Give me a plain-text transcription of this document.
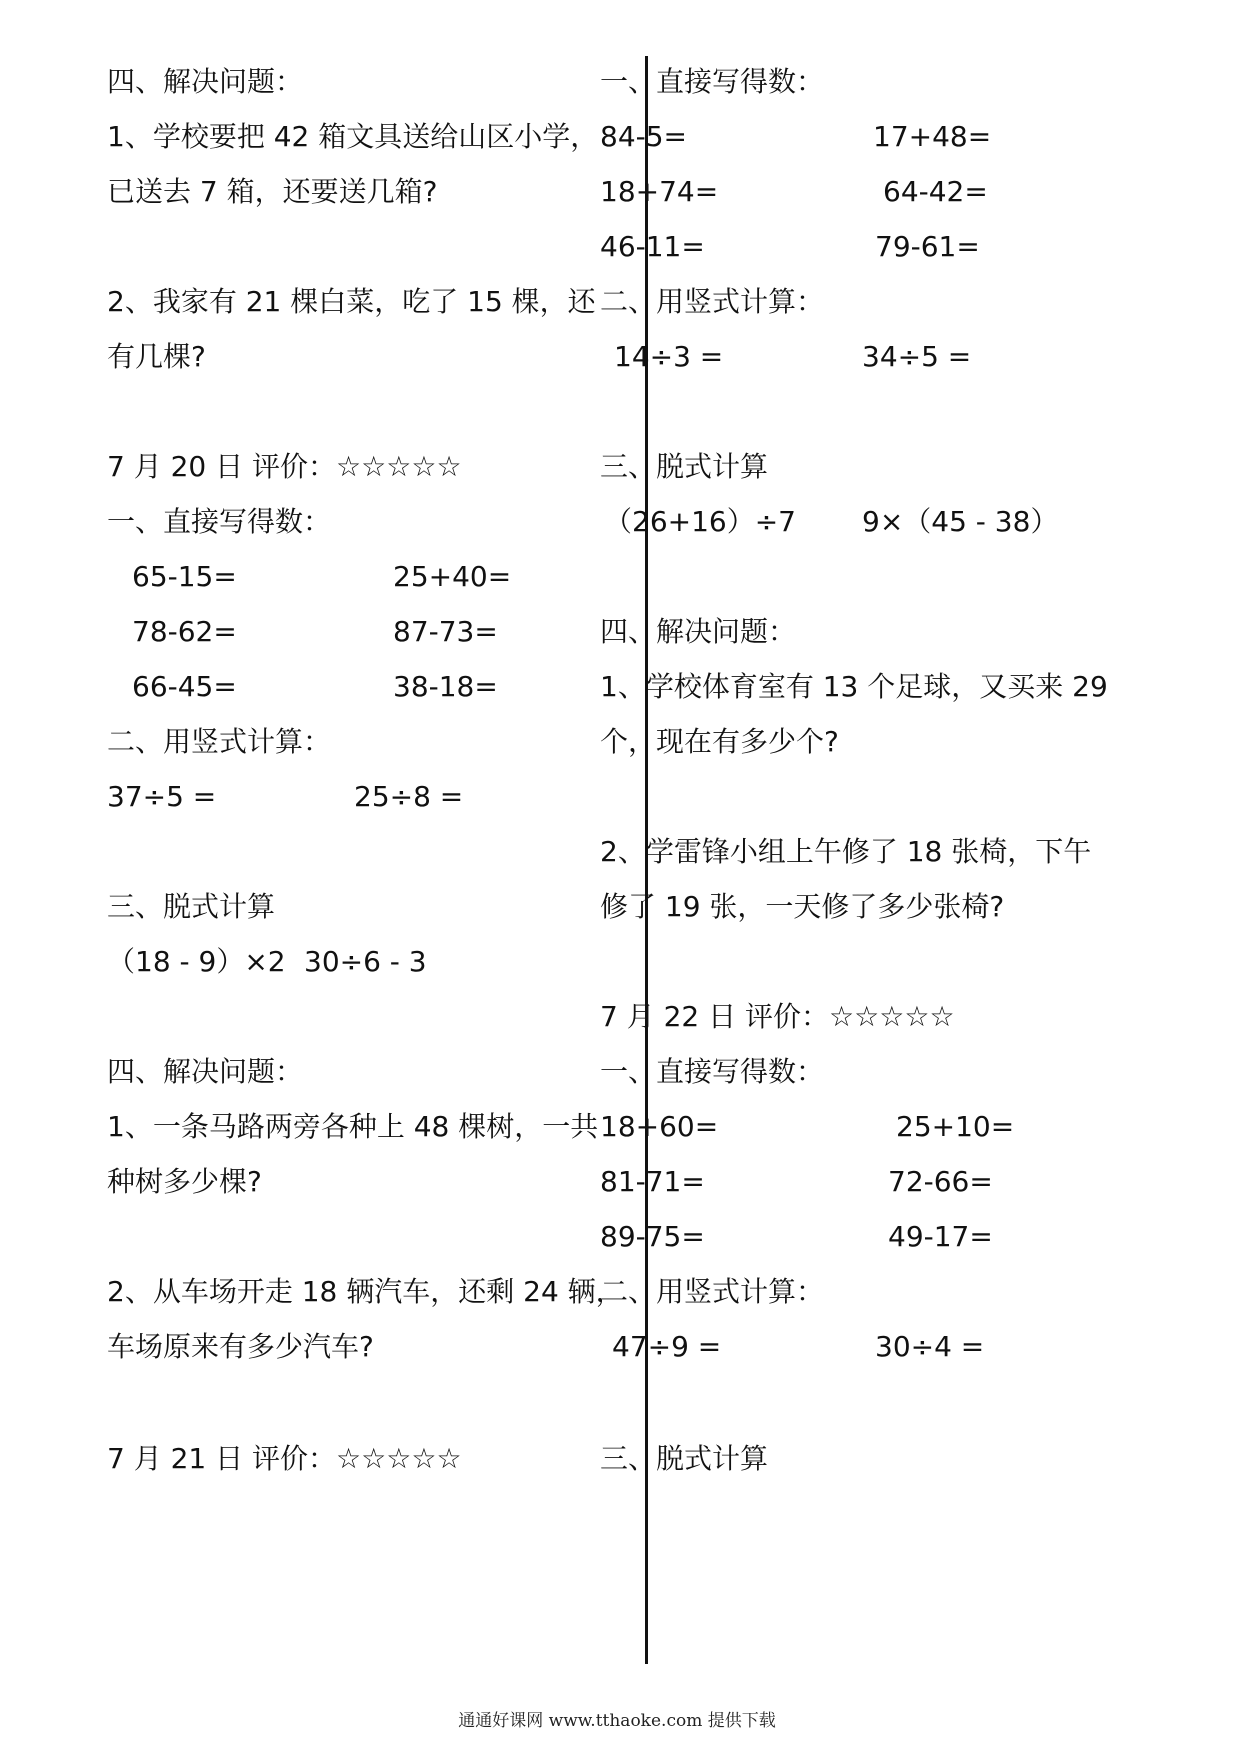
四、解决问题：
1、学校要把 42 箱文具送给山区小学，
已送去 7 箱，还要送几箱?
2、我家有 21 棵白菜，吃了 15 棵，还
有几棵?
7 月 20 日 评价：☆☆☆☆☆
一、直接写得数：
65-15=	25+40=
78-62=	87-73=
66-45=	38-18=
二、用竖式计算：
37÷5 =	25÷8 =
三、脱式计算
（18 - 9）×2 30÷6 - 3
四、解决问题：
1、一条马路两旁各种上 48 棵树，一共
种树多少棵?
2、从车场开走 18 辆汽车，还剩 24 辆，
车场原来有多少汽车?
7 月 21 日 评价：☆☆☆☆☆
一、直接写得数：
84-5=	17+48=
18+74=	64-42=
46-11=	79-61=
二、用竖式计算：
14÷3 =	34÷5 =
三、脱式计算
（26+16）÷7 9×（45 - 38）
四、解决问题：
1、学校体育室有 13 个足球，又买来 29
个，现在有多少个?
2、学雷锋小组上午修了 18 张椅，下午
修了 19 张，一天修了多少张椅?
7 月 22 日 评价：☆☆☆☆☆
一、直接写得数：
18+60=	25+10=
81-71=	72-66=
89-75=	49-17=
二、用竖式计算：
47÷9 =	30÷4 =
三、脱式计算
通通好课网 www.tthaoke.com 提供下载
